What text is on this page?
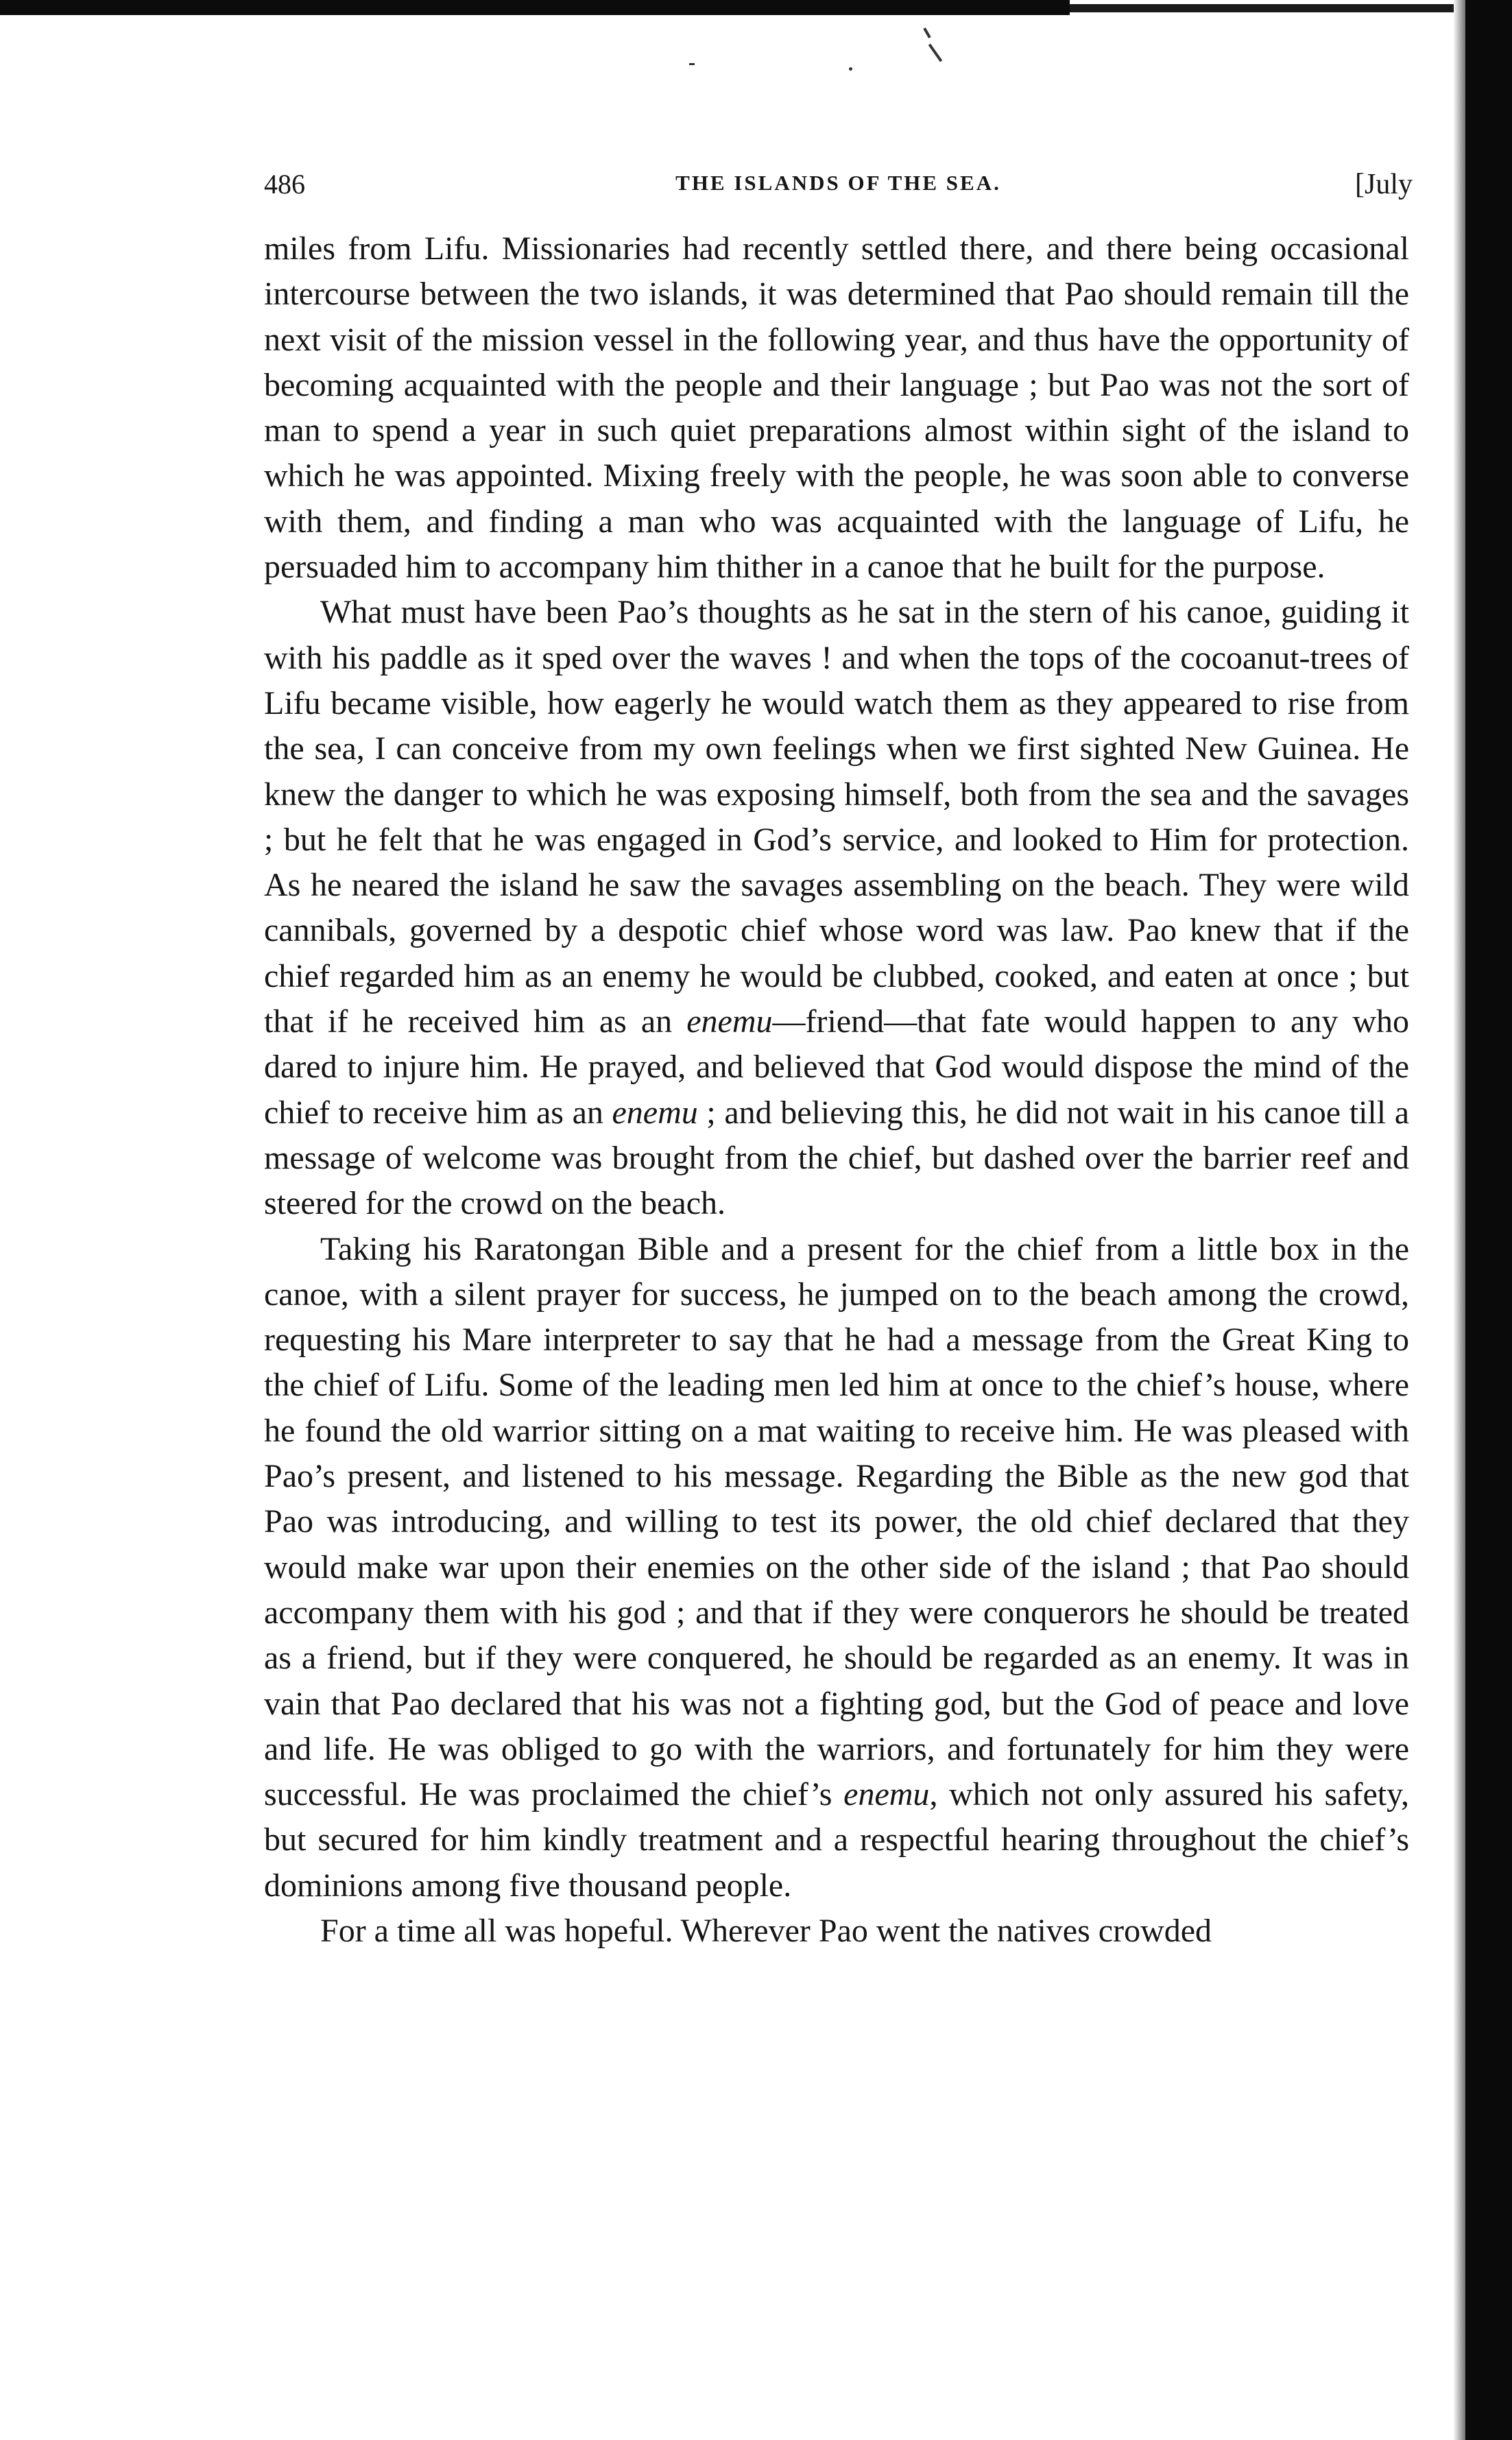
486	THE ISLANDS OF THE SEA.	[July

miles from Lifu. Missionaries had recently settled there, and there being occasional intercourse between the two islands, it was determined that Pao should remain till the next visit of the mission vessel in the following year, and thus have the opportunity of becoming acquainted with the people and their language ; but Pao was not the sort of man to spend a year in such quiet preparations almost within sight of the island to which he was appointed. Mixing freely with the people, he was soon able to converse with them, and finding a man who was acquainted with the language of Lifu, he persuaded him to accompany him thither in a canoe that he built for the purpose.

What must have been Pao’s thoughts as he sat in the stern of his canoe, guiding it with his paddle as it sped over the waves ! and when the tops of the cocoanut-trees of Lifu became visible, how eagerly he would watch them as they appeared to rise from the sea, I can conceive from my own feelings when we first sighted New Guinea. He knew the danger to which he was exposing himself, both from the sea and the savages ; but he felt that he was engaged in God’s service, and looked to Him for protection. As he neared the island he saw the savages assembling on the beach. They were wild cannibals, governed by a despotic chief whose word was law. Pao knew that if the chief regarded him as an enemy he would be clubbed, cooked, and eaten at once ; but that if he received him as an enemu—friend—that fate would happen to any who dared to injure him. He prayed, and believed that God would dispose the mind of the chief to receive him as an enemu ; and believing this, he did not wait in his canoe till a message of welcome was brought from the chief, but dashed over the barrier reef and steered for the crowd on the beach.

Taking his Raratongan Bible and a present for the chief from a little box in the canoe, with a silent prayer for success, he jumped on to the beach among the crowd, requesting his Mare interpreter to say that he had a message from the Great King to the chief of Lifu. Some of the leading men led him at once to the chief’s house, where he found the old warrior sitting on a mat waiting to receive him. He was pleased with Pao’s present, and listened to his message. Regarding the Bible as the new god that Pao was introducing, and willing to test its power, the old chief declared that they would make war upon their enemies on the other side of the island ; that Pao should accompany them with his god ; and that if they were conquerors he should be treated as a friend, but if they were conquered, he should be regarded as an enemy. It was in vain that Pao declared that his was not a fighting god, but the God of peace and love and life. He was obliged to go with the warriors, and fortunately for him they were successful. He was proclaimed the chief’s enemu, which not only assured his safety, but secured for him kindly treatment and a respectful hearing throughout the chief’s dominions among five thousand people.

For a time all was hopeful. Wherever Pao went the natives crowded
